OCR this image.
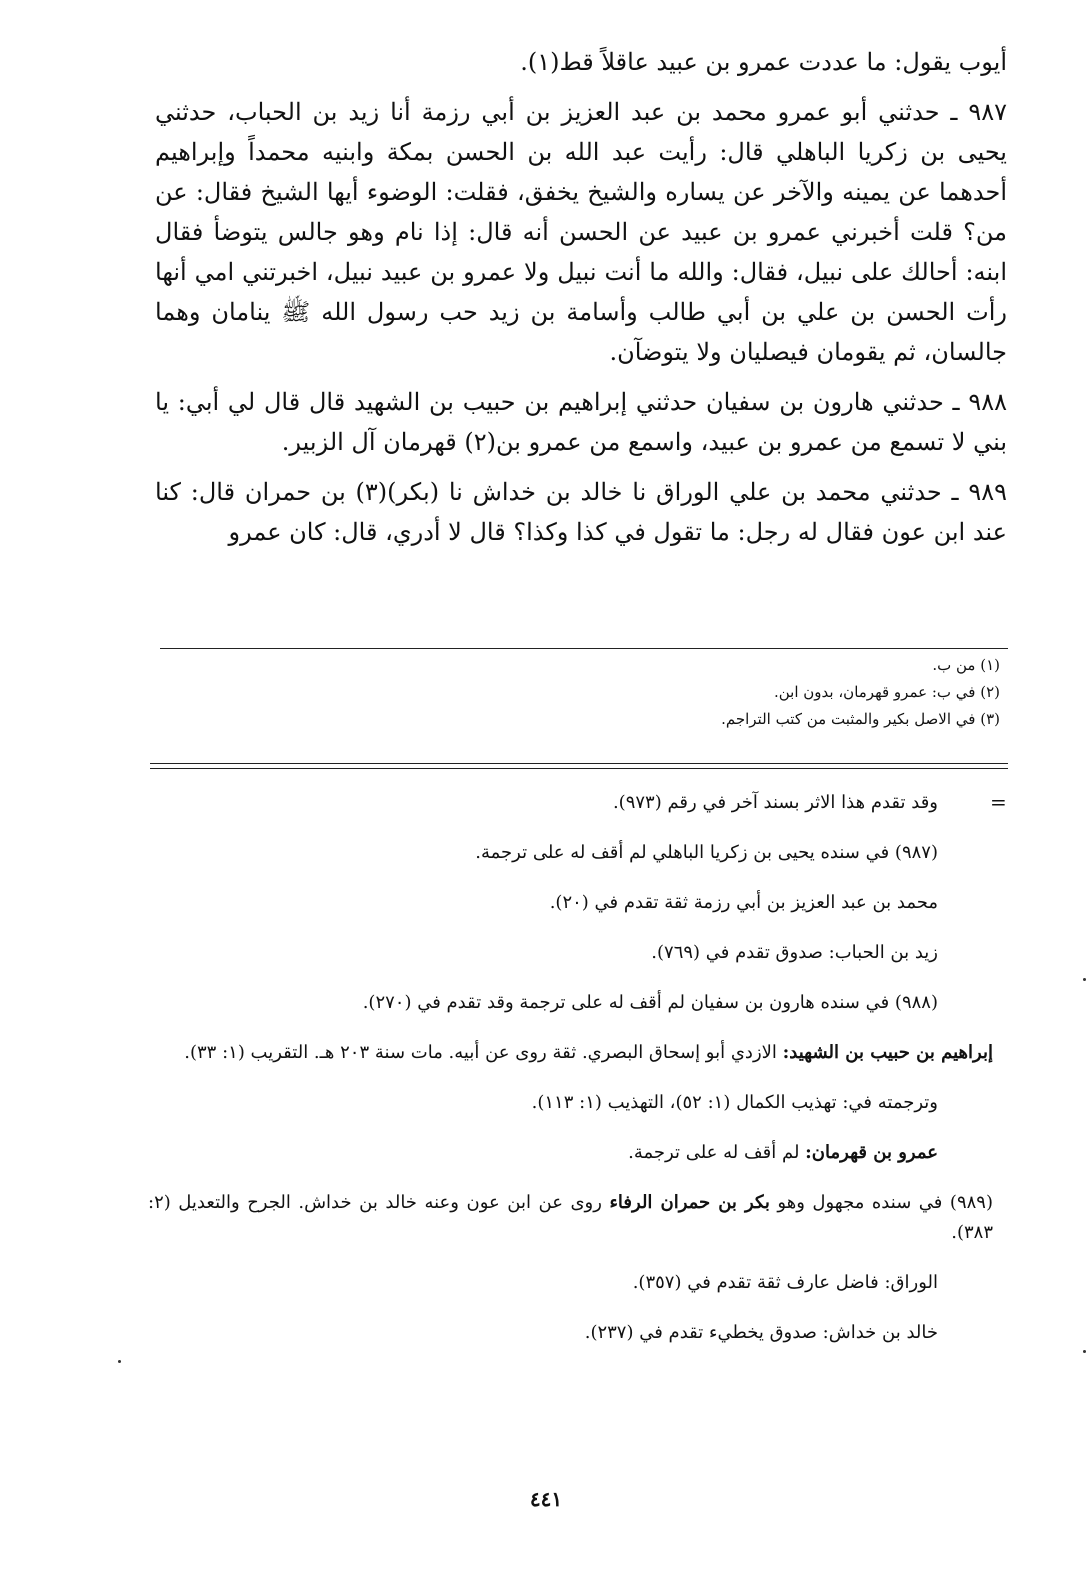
أيوب يقول: ما عددت عمرو بن عبيد عاقلاً قط(١).

٩٨٧ ـ حدثني أبو عمرو محمد بن عبد العزيز بن أبي رزمة أنا زيد بن الحباب، حدثني يحيى بن زكريا الباهلي قال: رأيت عبد الله بن الحسن بمكة وابنيه محمداً وإبراهيم أحدهما عن يمينه والآخر عن يساره والشيخ يخفق، فقلت: الوضوء أيها الشيخ فقال: عن من؟ قلت أخبرني عمرو بن عبيد عن الحسن أنه قال: إذا نام وهو جالس يتوضأ فقال ابنه: أحالك على نبيل، فقال: والله ما أنت نبيل ولا عمرو بن عبيد نبيل، اخبرتني امي أنها رأت الحسن بن علي بن أبي طالب وأسامة بن زيد حب رسول الله ﷺ ينامان وهما جالسان، ثم يقومان فيصليان ولا يتوضآن.

٩٨٨ ـ حدثني هارون بن سفيان حدثني إبراهيم بن حبيب بن الشهيد قال قال لي أبي: يا بني لا تسمع من عمرو بن عبيد، واسمع من عمرو بن(٢) قهرمان آل الزبير.

٩٨٩ ـ حدثني محمد بن علي الوراق نا خالد بن خداش نا (بكر)(٣) بن حمران قال: كنا عند ابن عون فقال له رجل: ما تقول في كذا وكذا؟ قال لا أدري، قال: كان عمرو

(١) من ب.
(٢) في ب: عمرو قهرمان، بدون ابن.
(٣) في الاصل بكير والمثبت من كتب التراجم.
=

وقد تقدم هذا الاثر بسند آخر في رقم (٩٧٣).

(٩٨٧) في سنده يحيى بن زكريا الباهلي لم أقف له على ترجمة.

محمد بن عبد العزيز بن أبي رزمة ثقة تقدم في (٢٠).

زيد بن الحباب: صدوق تقدم في (٧٦٩).

(٩٨٨) في سنده هارون بن سفيان لم أقف له على ترجمة وقد تقدم في (٢٧٠).

إبراهيم بن حبيب بن الشهيد: الازدي أبو إسحاق البصري. ثقة روى عن أبيه. مات سنة ٢٠٣ هـ. التقريب (١: ٣٣).

وترجمته في: تهذيب الكمال (١: ٥٢)، التهذيب (١: ١١٣).

عمرو بن قهرمان: لم أقف له على ترجمة.

(٩٨٩) في سنده مجهول وهو بكر بن حمران الرفاء روى عن ابن عون وعنه خالد بن خداش. الجرح والتعديل (٢: ٣٨٣).

الوراق: فاضل عارف ثقة تقدم في (٣٥٧).

خالد بن خداش: صدوق يخطيء تقدم في (٢٣٧).

٤٤١
